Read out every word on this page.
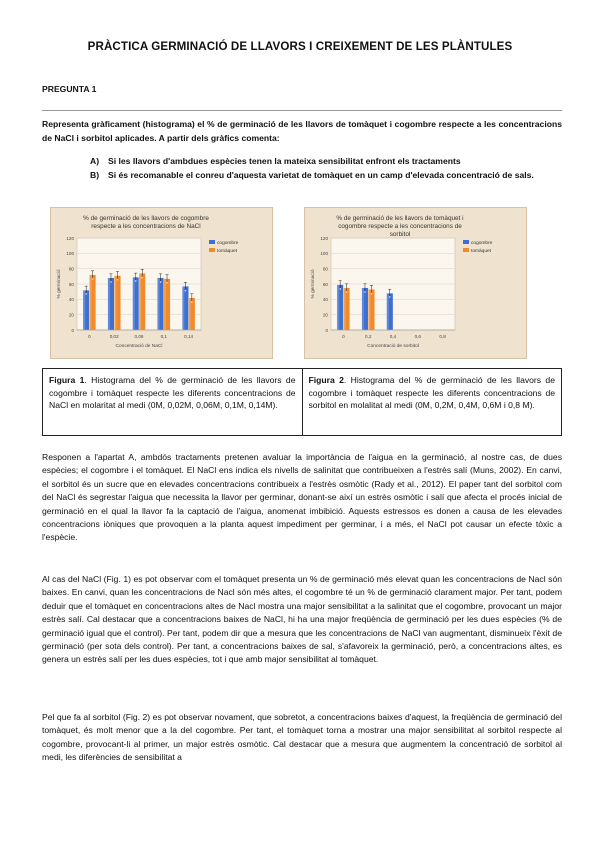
PRÀCTICA GERMINACIÓ DE LLAVORS I CREIXEMENT DE LES PLÀNTULES
PREGUNTA 1
Representa gràficament (histograma) el % de germinació de les llavors de tomàquet i cogombre respecte a les concentracions de NaCl i sorbitol aplicades. A partir dels gràfics comenta:
A)	Si les llavors d'ambdues espècies tenen la mateixa sensibilitat enfront els tractaments
B)	Si és recomanable el conreu d'aquesta varietat de tomàquet en un camp d'elevada concentració de sals.
% de germinació de les llavors de cogombre
respecte a les concentracions de NaCl
0
20
40
60
80
100
120
% germinació	*
*
0
* *
0,02
*
*
0,06
* *
0,1
*
*
0,14
Concentració de NaCl
cogombre
tomàquet
% de germinació de les llavors de tomàquet i
cogombre respecte a les concentracions de
sorbitol
0
20
40
60
80
100
120
% germinació	*
*
0
* *
0,2
*
0,4	0,6	0,8
Concentració de sorbitol
cogombre
tomàquet
Figura 1. Histograma del % de germinació de les llavors de cogombre i tomàquet respecte les diferents concentracions de NaCl en molaritat al medi (0M, 0,02M, 0,06M, 0,1M, 0,14M).	Figura 2. Histograma del % de germinació de les llavors de cogombre i tomàquet respecte les diferents concentracions de sorbitol en molalitat al medi (0M, 0,2M, 0,4M, 0,6M i 0,8 M).

Responen a l'apartat A, ambdós tractaments pretenen avaluar la importància de l'aigua en la germinació, al nostre cas, de dues espècies; el cogombre i el tomàquet. El NaCl ens indica els nivells de salinitat que contribueixen a l'estrès salí (Muns, 2002). En canvi, el sorbitol és un sucre que en elevades concentracions contribueix a l'estrès osmòtic (Rady et al., 2012). El paper tant del sorbitol com del NaCl és segrestar l'aigua que necessita la llavor per germinar, donant-se així un estrès osmòtic i salí que afecta el procés inicial de germinació en el qual la llavor fa la captació de l'aigua, anomenat imbibició. Aquests estressos es donen a causa de les elevades concentracions iòniques que provoquen a la planta aquest impediment per germinar, i a més, el NaCl pot causar un efecte tòxic a l'espècie.

Al cas del NaCl (Fig. 1) es pot observar com el tomàquet presenta un % de germinació més elevat quan les concentracions de Nacl són baixes. En canvi, quan les concentracions de Nacl són més altes, el cogombre té un % de germinació clarament major. Per tant, podem deduir que el tomàquet en concentracions altes de Nacl mostra una major sensibilitat a la salinitat que el cogombre, provocant un major estrès salí. Cal destacar que a concentracions baixes de NaCl, hi ha una major freqüència de germinació per les dues espècies (% de germinació igual que el control). Per tant, podem dir que a mesura que les concentracions de NaCl van augmentant, disminueix l'èxit de germinació (per sota dels control). Per tant, a concentracions baixes de sal, s'afavoreix la germinació, però, a concentracions altes, es genera un estrès salí per les dues espècies, tot i que amb major sensibilitat al tomàquet.

Pel que fa al sorbitol (Fig. 2) es pot observar novament, que sobretot, a concentracions baixes d'aquest, la freqüència de germinació del tomàquet, és molt menor que a la del cogombre. Per tant, el tomàquet torna a mostrar una major sensibilitat al sorbitol respecte al cogombre, provocant-li al primer, un major estrès osmòtic. Cal destacar que a mesura que augmentem la concentració de sorbitol al medi, les diferències de sensibilitat a
